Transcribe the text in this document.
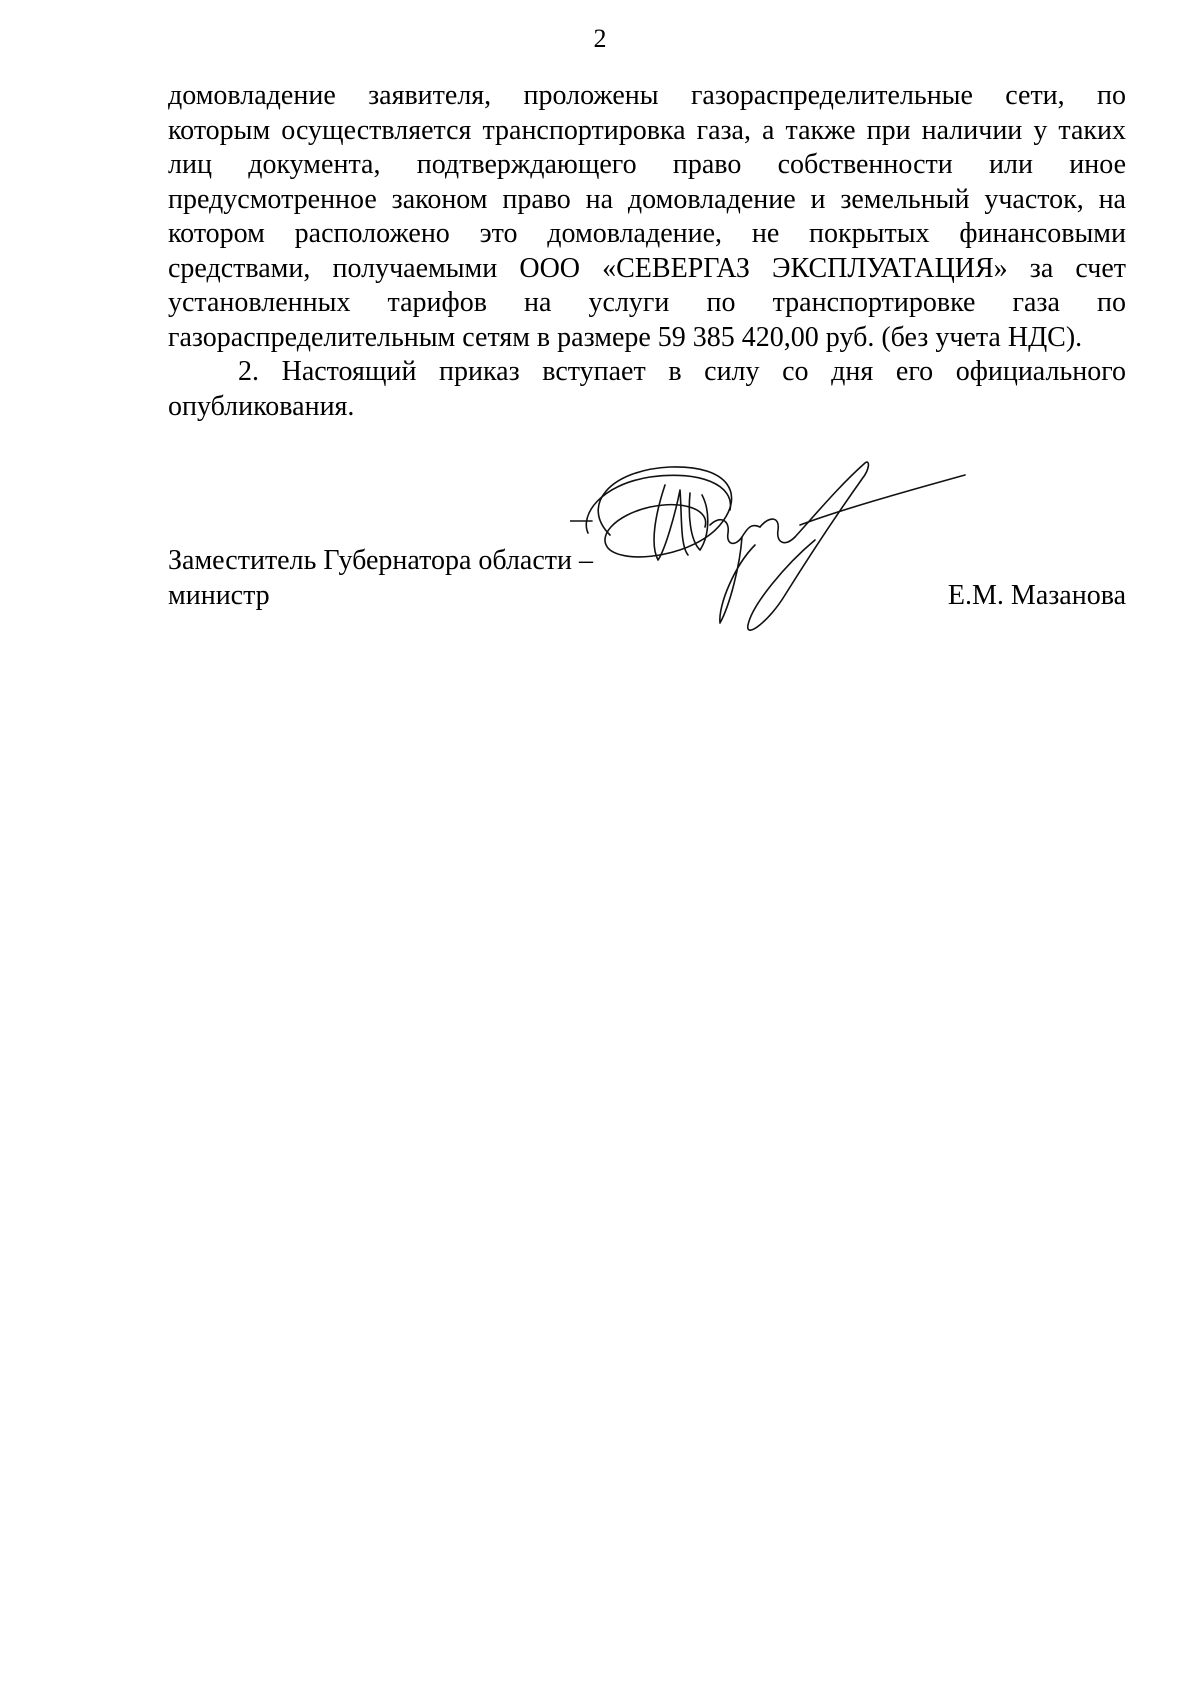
2
домовладение заявителя, проложены газораспределительные сети, по
которым осуществляется транспортировка газа, а также при наличии у таких
лиц документа, подтверждающего право собственности или иное
предусмотренное законом право на домовладение и земельный участок, на
котором расположено это домовладение, не покрытых финансовыми
средствами, получаемыми ООО «СЕВЕРГАЗ ЭКСПЛУАТАЦИЯ» за счет
установленных тарифов на услуги по транспортировке газа по
газораспределительным сетям в размере 59 385 420,00 руб. (без учета НДС).
2. Настоящий приказ вступает в силу со дня его официального
опубликования.
Заместитель Губернатора области –
министр	Е.М. Мазанова
